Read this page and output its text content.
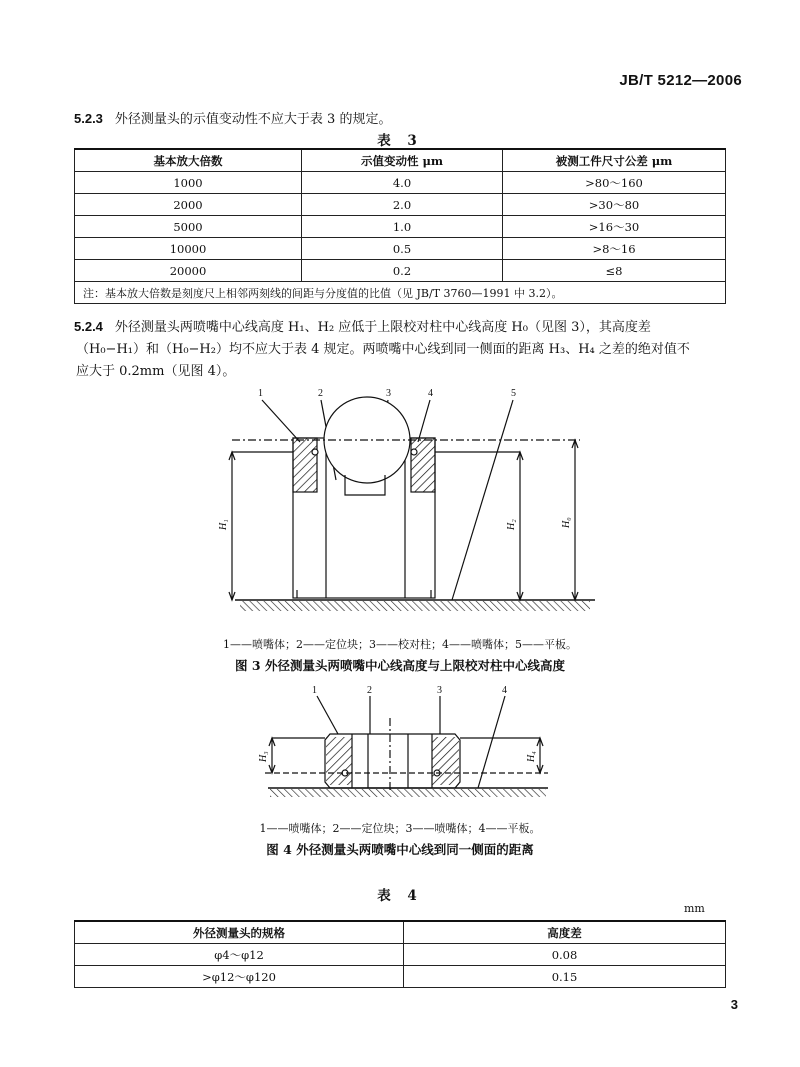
JB/T 5212—2006
5.2.3 外径测量头的示值变动性不应大于表 3 的规定。
表 3
基本放大倍数	示值变动性 μm	被测工件尺寸公差 μm
1000	4.0	>80～160
2000	2.0	>30～80
5000	1.0	>16～30
10000	0.5	>8～16
20000	0.2	≤8
注：基本放大倍数是刻度尺上相邻两刻线的间距与分度值的比值（见 JB/T 3760—1991 中 3.2）。		
5.2.4 外径测量头两喷嘴中心线高度 H₁、H₂ 应低于上限校对柱中心线高度 H₀（见图 3），其高度差
（H₀−H₁）和（H₀−H₂）均不应大于表 4 规定。两喷嘴中心线到同一侧面的距离 H₃、H₄ 之差的绝对值不
应大于 0.2mm（见图 4）。
1	2	3	4	5
H₁	H₂	H₀
1——喷嘴体；2——定位块；3——校对柱；4——喷嘴体；5——平板。
图 3 外径测量头两喷嘴中心线高度与上限校对柱中心线高度
1	2	3	4
H₃	H₄
1——喷嘴体；2——定位块；3——喷嘴体；4——平板。
图 4 外径测量头两喷嘴中心线到同一侧面的距离
表 4
mm
外径测量头的规格	高度差
φ4～φ12	0.08
>φ12～φ120	0.15
3
